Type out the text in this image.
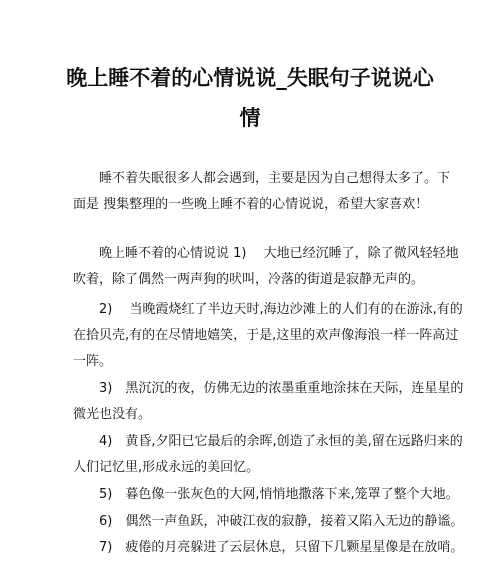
晚上睡不着的心情说说_失眠句子说说心
情

睡不着失眠很多人都会遇到，主要是因为自己想得太多了。下
面是 搜集整理的一些晚上睡不着的心情说说，希望大家喜欢！

晚上睡不着的心情说说 1)　 大地已经沉睡了，除了微风轻轻地
吹着，除了偶然一两声狗的吠叫，冷落的街道是寂静无声的。

2)　 当晚霞烧红了半边天时,海边沙滩上的人们有的在游泳,有的
在拾贝壳,有的在尽情地嬉笑，于是,这里的欢声像海浪一样一阵高过
一阵。

3)　黑沉沉的夜，仿佛无边的浓墨重重地涂抹在天际，连星星的
微光也没有。

4)　黄昏,夕阳已它最后的余晖,创造了永恒的美,留在远路归来的
人们记忆里,形成永远的美回忆。

5)　暮色像一张灰色的大网,悄悄地撒落下来,笼罩了整个大地。

6)　偶然一声鱼跃，冲破江夜的寂静，接着又陷入无边的静谧。

7)　疲倦的月亮躲进了云层休息，只留下几颗星星像是在放哨。
